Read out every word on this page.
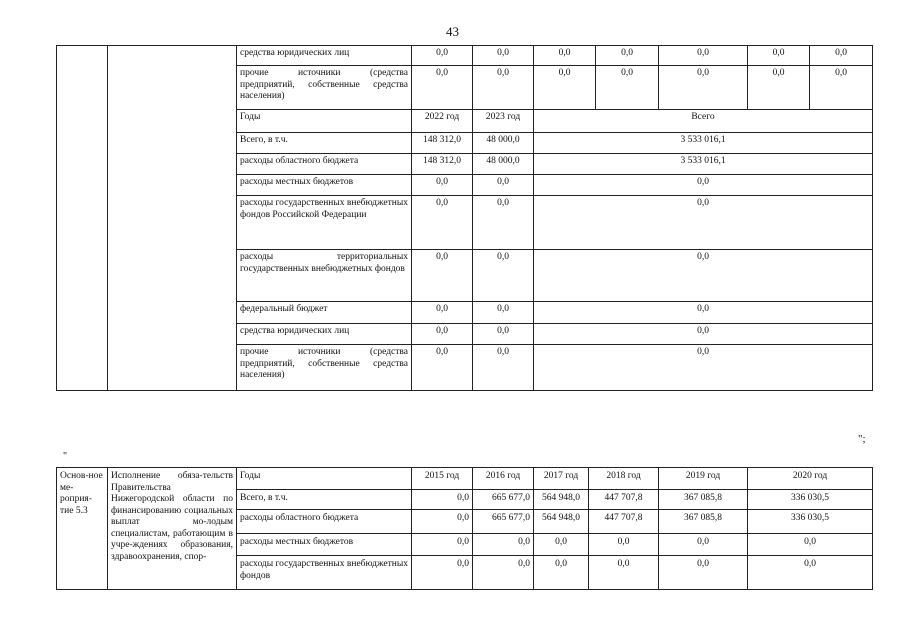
43
		средства юридических лиц	0,0	0,0	0,0	0,0	0,0	0,0	0,0
		прочие источники (средства предприятий, собственные средства населения)	0,0	0,0	0,0	0,0	0,0	0,0	0,0
		Годы	2022 год	2023 год	Всего				
		Всего, в т.ч.	148 312,0	48 000,0	3 533 016,1				
		расходы областного бюджета	148 312,0	48 000,0	3 533 016,1				
		расходы местных бюджетов	0,0	0,0	0,0				
		расходы государственных внебюджетных фондов Российской Федерации	0,0	0,0	0,0				
		расходы территориальных государственных внебюджетных фондов	0,0	0,0	0,0				
		федеральный бюджет	0,0	0,0	0,0				
		средства юридических лиц	0,0	0,0	0,0				
		прочие источники (средства предприятий, собственные средства населения)	0,0	0,0	0,0				
";
"
Основ-ное ме-роприя-тие 5.3	Исполнение обяза-тельств Правительства Нижегородской области по финансированию социальных выплат мо-лодым специалистам, работающим в учре-ждениях образования, здравоохранения, спор-	Годы	2015 год	2016 год	2017 год	2018 год	2019 год	2020 год
		Всего, в т.ч.	0,0	665 677,0	564 948,0	447 707,8	367 085,8	336 030,5
		расходы областного бюджета	0,0	665 677,0	564 948,0	447 707,8	367 085,8	336 030,5
		расходы местных бюджетов	0,0	0,0	0,0	0,0	0,0	0,0
		расходы государственных внебюджетных фондов	0,0	0,0	0,0	0,0	0,0	0,0
